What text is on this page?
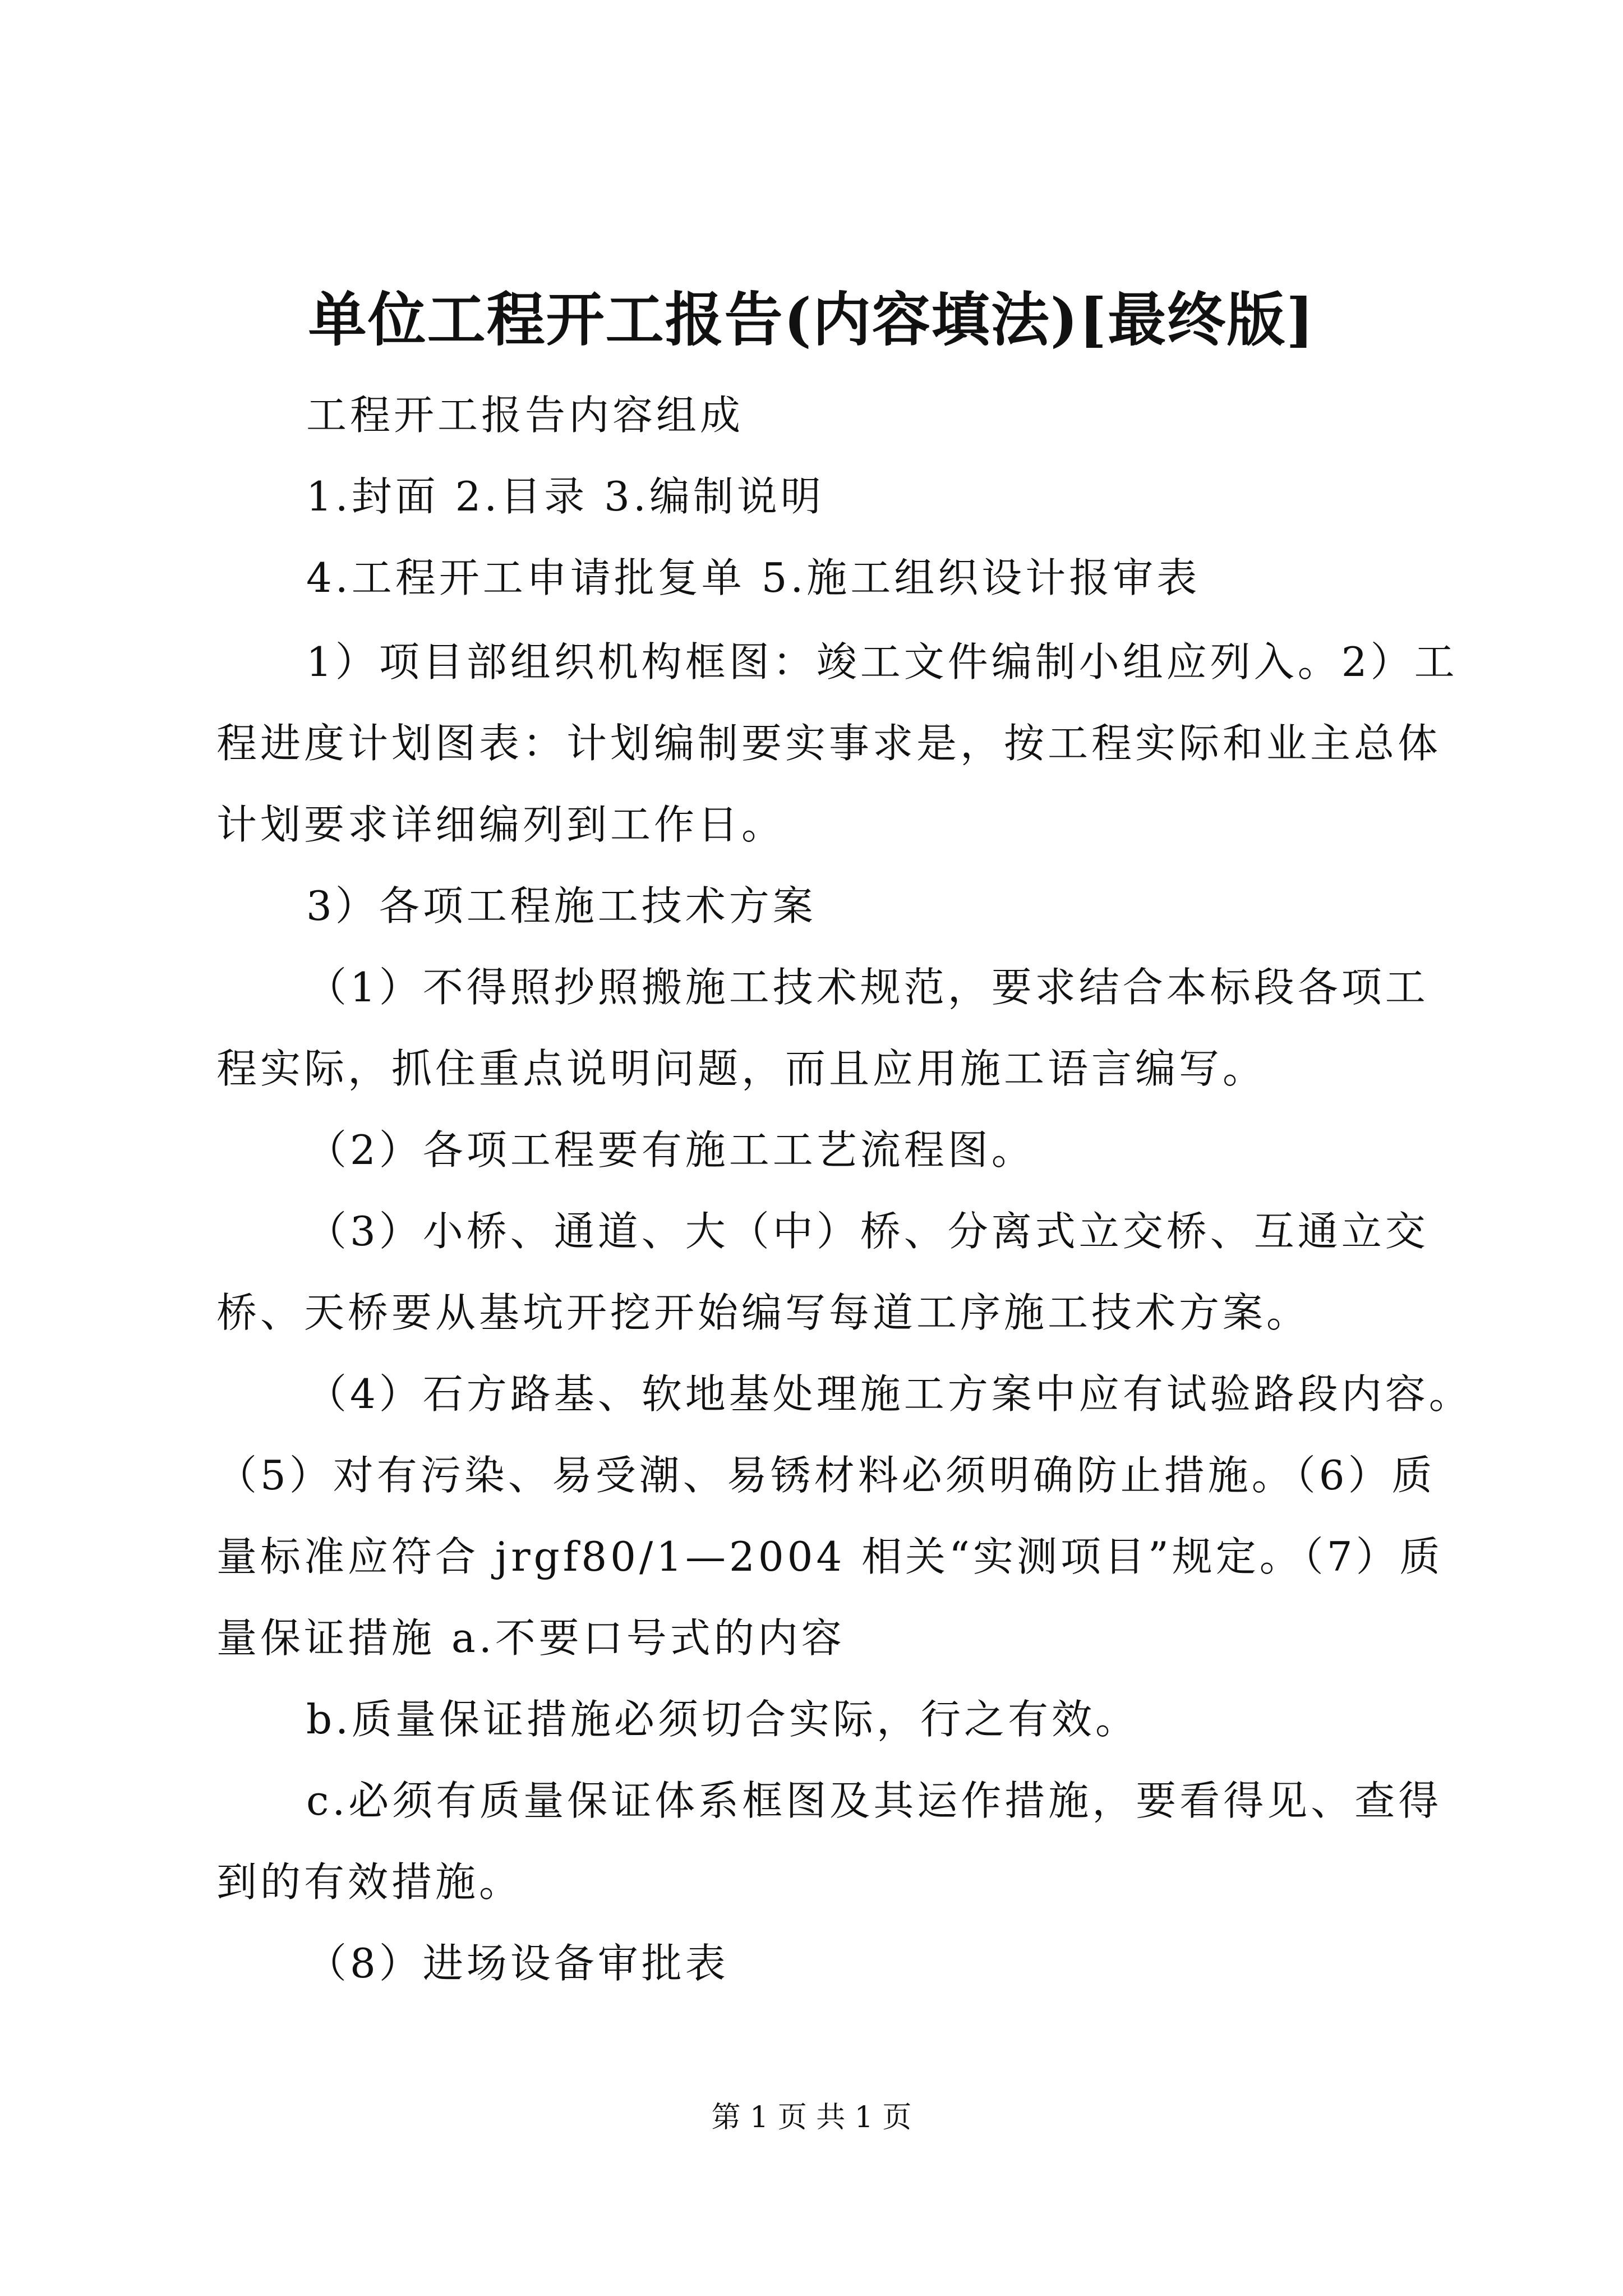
单位工程开工报告(内容填法)[最终版]
工程开工报告内容组成
1.封面 2.目录 3.编制说明
4.工程开工申请批复单 5.施工组织设计报审表
1）项目部组织机构框图：竣工文件编制小组应列入。2）工
程进度计划图表：计划编制要实事求是，按工程实际和业主总体
计划要求详细编列到工作日。
3）各项工程施工技术方案
（1）不得照抄照搬施工技术规范，要求结合本标段各项工
程实际，抓住重点说明问题，而且应用施工语言编写。
（2）各项工程要有施工工艺流程图。
（3）小桥、通道、大（中）桥、分离式立交桥、互通立交
桥、天桥要从基坑开挖开始编写每道工序施工技术方案。
（4）石方路基、软地基处理施工方案中应有试验路段内容。
（5）对有污染、易受潮、易锈材料必须明确防止措施。（6）质
量标准应符合 jrgf80/1—2004 相关“实测项目”规定。（7）质
量保证措施 a.不要口号式的内容
b.质量保证措施必须切合实际，行之有效。
c.必须有质量保证体系框图及其运作措施，要看得见、查得
到的有效措施。
（8）进场设备审批表
第 1 页 共 1 页
